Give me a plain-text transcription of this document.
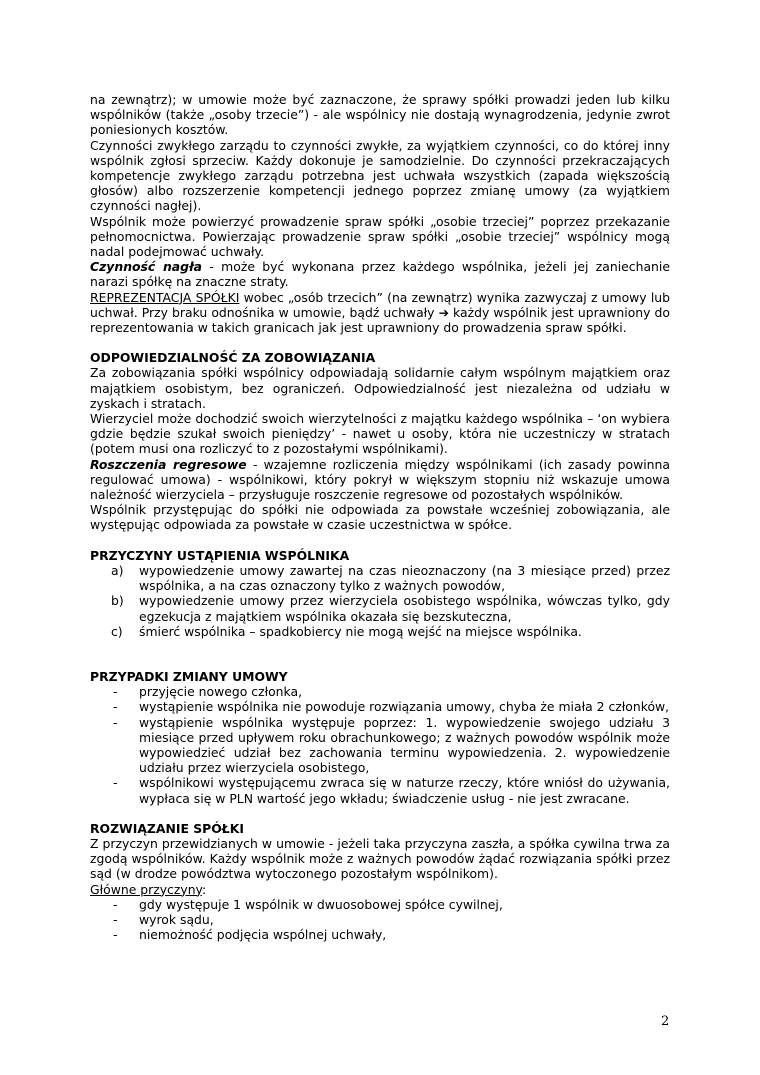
na zewnątrz); w umowie może być zaznaczone, że sprawy spółki prowadzi jeden lub kilku wspólników (także „osoby trzecie”) - ale wspólnicy nie dostają wynagrodzenia, jedynie zwrot poniesionych kosztów.

Czynności zwykłego zarządu to czynności zwykłe, za wyjątkiem czynności, co do której inny wspólnik zgłosi sprzeciw. Każdy dokonuje je samodzielnie. Do czynności przekraczających kompetencje zwykłego zarządu potrzebna jest uchwała wszystkich (zapada większością głosów) albo rozszerzenie kompetencji jednego poprzez zmianę umowy (za wyjątkiem czynności nagłej).

Wspólnik może powierzyć prowadzenie spraw spółki „osobie trzeciej” poprzez przekazanie pełnomocnictwa. Powierzając prowadzenie spraw spółki „osobie trzeciej” wspólnicy mogą nadal podejmować uchwały.

Czynność nagła - może być wykonana przez każdego wspólnika, jeżeli jej zaniechanie narazi spółkę na znaczne straty.

REPREZENTACJA SPÓŁKI wobec „osób trzecich” (na zewnątrz) wynika zazwyczaj z umowy lub uchwał. Przy braku odnośnika w umowie, bądź uchwały ➔ każdy wspólnik jest uprawniony do reprezentowania w takich granicach jak jest uprawniony do prowadzenia spraw spółki.

ODPOWIEDZIALNOŚĆ ZA ZOBOWIĄZANIA

Za zobowiązania spółki wspólnicy odpowiadają solidarnie całym wspólnym majątkiem oraz majątkiem osobistym, bez ograniczeń. Odpowiedzialność jest niezależna od udziału w zyskach i stratach.

Wierzyciel może dochodzić swoich wierzytelności z majątku każdego wspólnika – ‘on wybiera gdzie będzie szukał swoich pieniędzy’ - nawet u osoby, która nie uczestniczy w stratach (potem musi ona rozliczyć to z pozostałymi wspólnikami).

Roszczenia regresowe - wzajemne rozliczenia między wspólnikami (ich zasady powinna regulować umowa) - wspólnikowi, który pokrył w większym stopniu niż wskazuje umowa należność wierzyciela – przysługuje roszczenie regresowe od pozostałych wspólników.

Wspólnik przystępując do spółki nie odpowiada za powstałe wcześniej zobowiązania, ale występując odpowiada za powstałe w czasie uczestnictwa w spółce.

PRZYCZYNY USTĄPIENIA WSPÓLNIKA
a) wypowiedzenie umowy zawartej na czas nieoznaczony (na 3 miesiące przed) przez wspólnika, a na czas oznaczony tylko z ważnych powodów,
b) wypowiedzenie umowy przez wierzyciela osobistego wspólnika, wówczas tylko, gdy egzekucja z majątkiem wspólnika okazała się bezskuteczna,
c) śmierć wspólnika – spadkobiercy nie mogą wejść na miejsce wspólnika.
PRZYPADKI ZMIANY UMOWY
- przyjęcie nowego członka,
- wystąpienie wspólnika nie powoduje rozwiązania umowy, chyba że miała 2 członków,
- wystąpienie wspólnika występuje poprzez: 1. wypowiedzenie swojego udziału 3 miesiące przed upływem roku obrachunkowego; z ważnych powodów wspólnik może wypowiedzieć udział bez zachowania terminu wypowiedzenia. 2. wypowiedzenie udziału przez wierzyciela osobistego,
- wspólnikowi występującemu zwraca się w naturze rzeczy, które wniósł do używania, wypłaca się w PLN wartość jego wkładu; świadczenie usług - nie jest zwracane.
ROZWIĄZANIE SPÓŁKI

Z przyczyn przewidzianych w umowie - jeżeli taka przyczyna zaszła, a spółka cywilna trwa za zgodą wspólników. Każdy wspólnik może z ważnych powodów żądać rozwiązania spółki przez sąd (w drodze powództwa wytoczonego pozostałym wspólnikom).

Główne przyczyny:

- gdy występuje 1 wspólnik w dwuosobowej spółce cywilnej,
- wyrok sądu,
- niemożność podjęcia wspólnej uchwały,
2
